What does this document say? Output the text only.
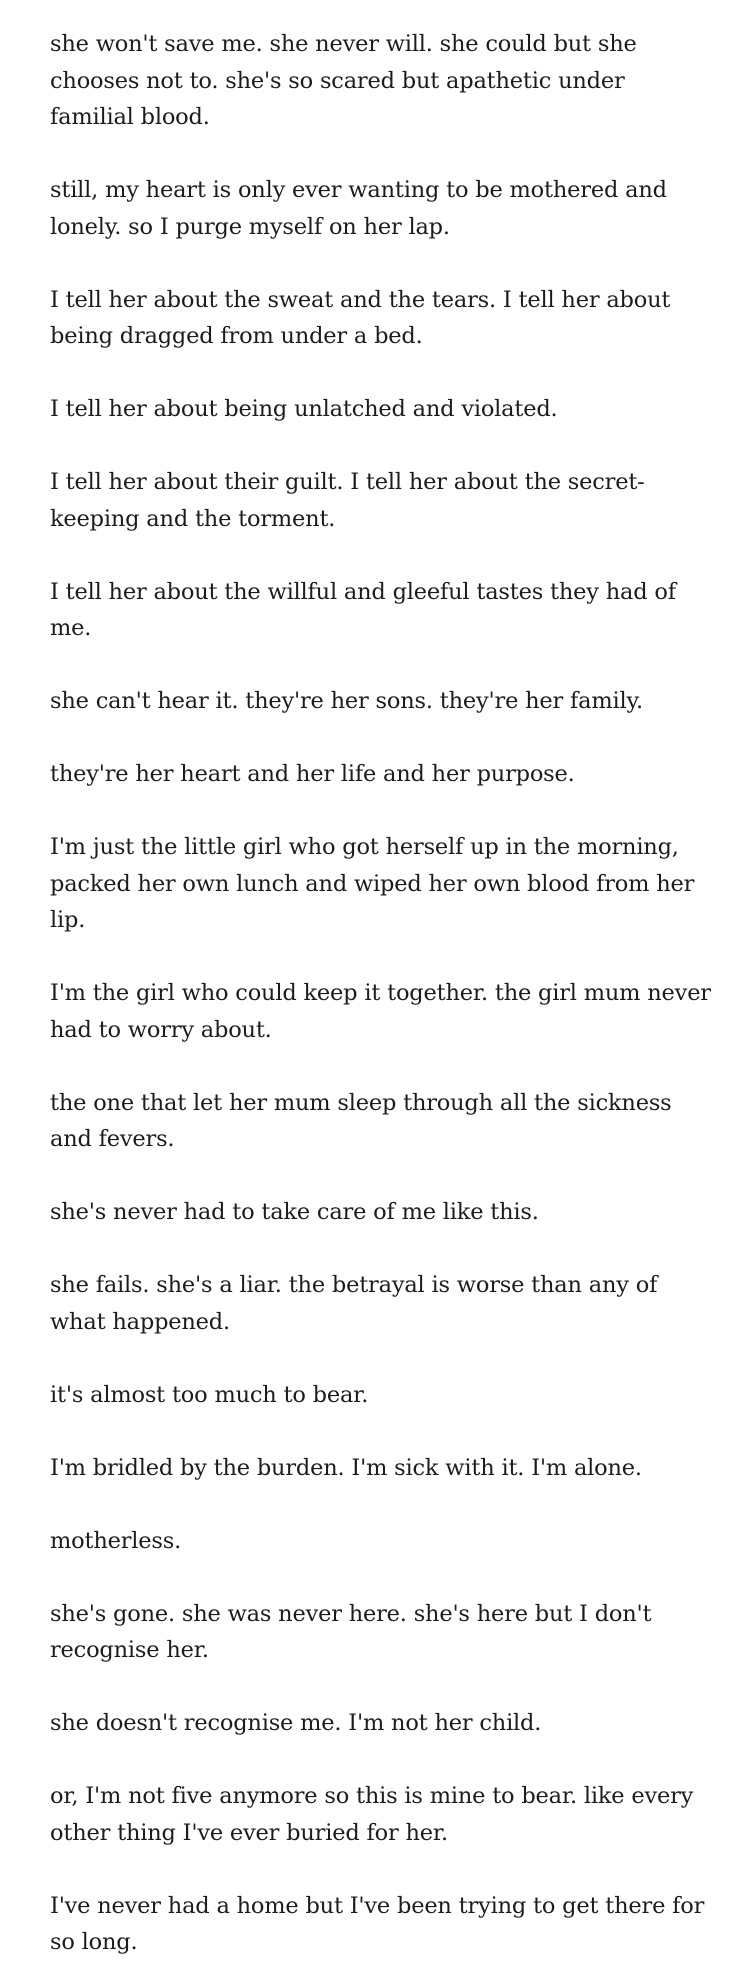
she won't save me. she never will. she could but she chooses not to. she's so scared but apathetic under familial blood.

still, my heart is only ever wanting to be mothered and lonely. so I purge myself on her lap.

I tell her about the sweat and the tears. I tell her about being dragged from under a bed.

I tell her about being unlatched and violated.

I tell her about their guilt. I tell her about the secret-keeping and the torment.

I tell her about the willful and gleeful tastes they had of me.

she can't hear it. they're her sons. they're her family.

they're her heart and her life and her purpose.

I'm just the little girl who got herself up in the morning, packed her own lunch and wiped her own blood from her lip.

I'm the girl who could keep it together. the girl mum never had to worry about.

the one that let her mum sleep through all the sickness and fevers.

she's never had to take care of me like this.

she fails. she's a liar. the betrayal is worse than any of what happened.

it's almost too much to bear.

I'm bridled by the burden. I'm sick with it. I'm alone.

motherless.

she's gone. she was never here. she's here but I don't recognise her.

she doesn't recognise me. I'm not her child.

or, I'm not five anymore so this is mine to bear. like every other thing I've ever buried for her.

I've never had a home but I've been trying to get there for so long.
